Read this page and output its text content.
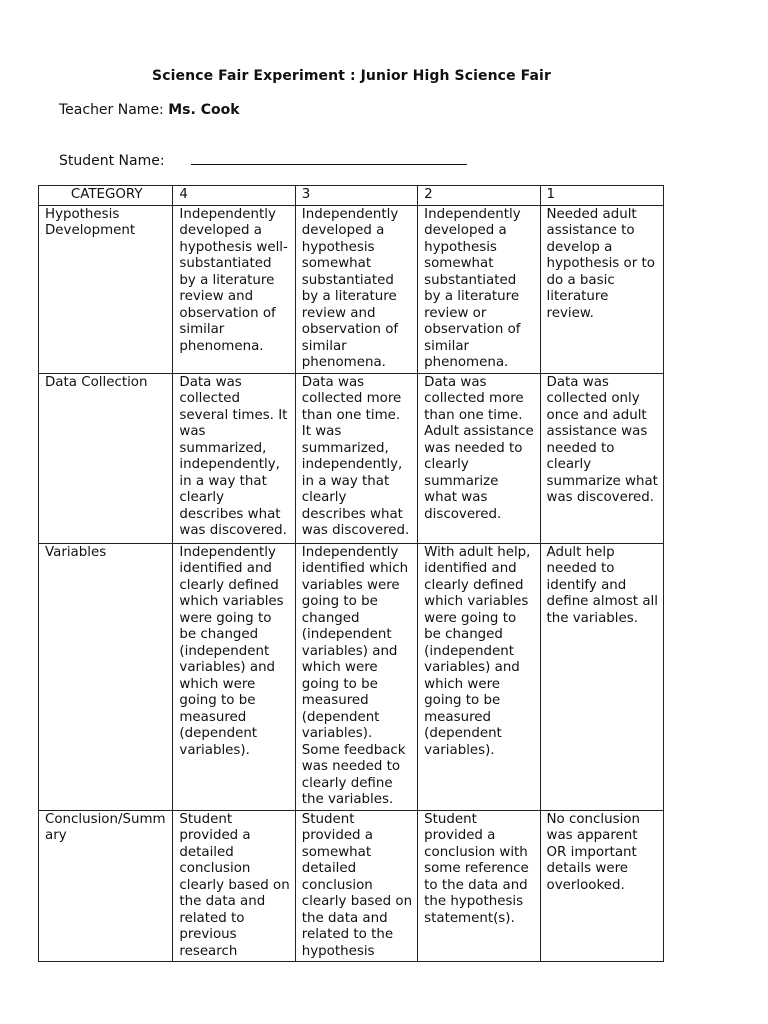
Science Fair Experiment : Junior High Science Fair
Teacher Name: Ms. Cook
Student Name:
CATEGORY	4	3	2	1
Hypothesis Development	Independently developed a hypothesis well-substantiated by a literature review and observation of similar phenomena.	Independently developed a hypothesis somewhat substantiated by a literature review and observation of similar phenomena.	Independently developed a hypothesis somewhat substantiated by a literature review or observation of similar phenomena.	Needed adult assistance to develop a hypothesis or to do a basic literature review.
Data Collection	Data was collected several times. It was summarized, independently, in a way that clearly describes what was discovered.	Data was collected more than one time. It was summarized, independently, in a way that clearly describes what was discovered.	Data was collected more than one time. Adult assistance was needed to clearly summarize what was discovered.	Data was collected only once and adult assistance was needed to clearly summarize what was discovered.
Variables	Independently identified and clearly defined which variables were going to be changed (independent variables) and which were going to be measured (dependent variables).	Independently identified which variables were going to be changed (independent variables) and which were going to be measured (dependent variables). Some feedback was needed to clearly define the variables.	With adult help, identified and clearly defined which variables were going to be changed (independent variables) and which were going to be measured (dependent variables).	Adult help needed to identify and define almost all the variables.
Conclusion/Summary	Student provided a detailed conclusion clearly based on the data and related to previous research	Student provided a somewhat detailed conclusion clearly based on the data and related to the hypothesis	Student provided a conclusion with some reference to the data and the hypothesis statement(s).	No conclusion was apparent OR important details were overlooked.
